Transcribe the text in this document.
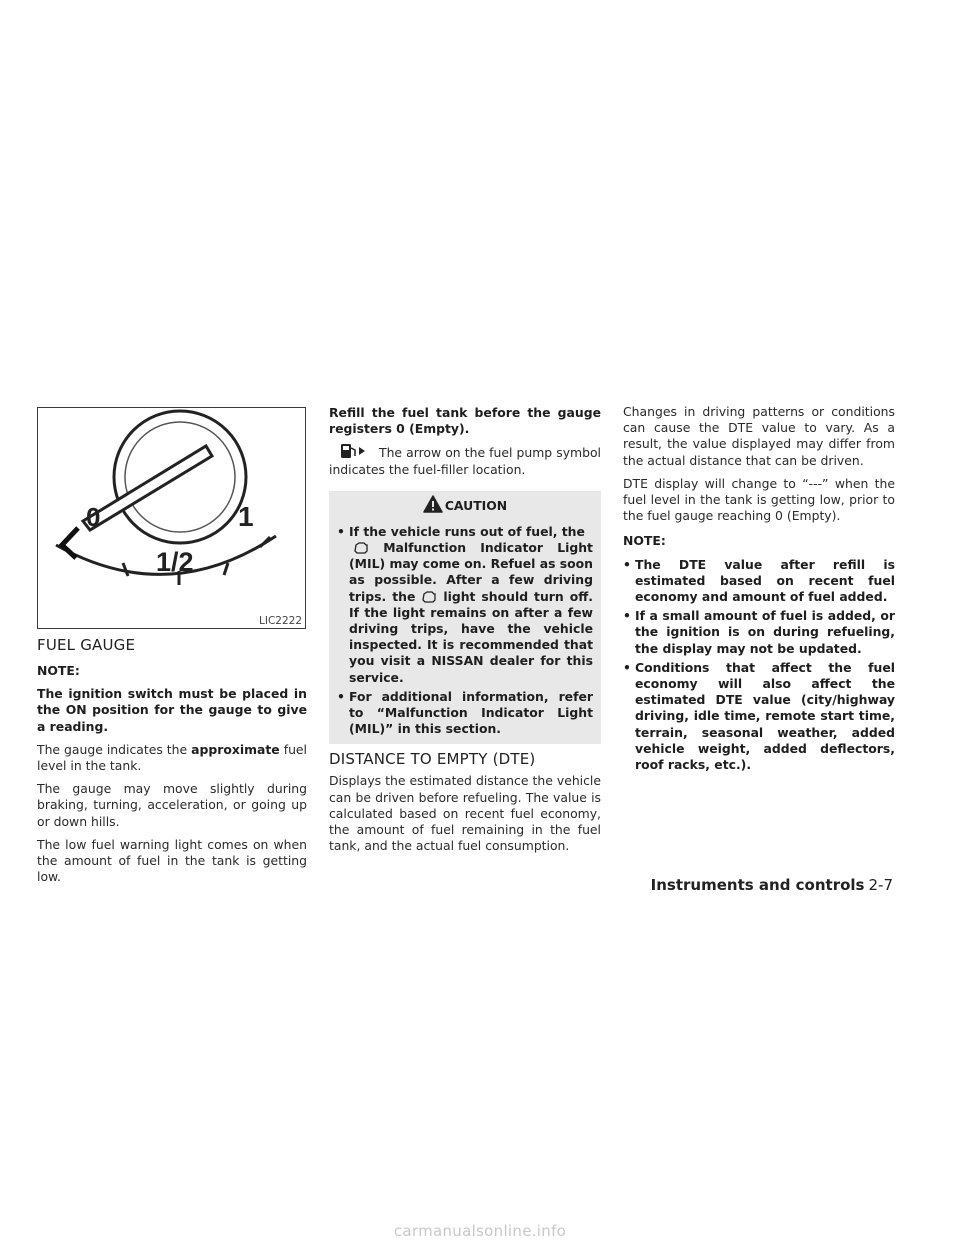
0	1
1/2
LIC2222
FUEL GAUGE

NOTE:

The ignition switch must be placed in the ON position for the gauge to give a reading.

The gauge indicates the approximate fuel level in the tank.

The gauge may move slightly during braking, turning, acceleration, or going up or down hills.

The low fuel warning light comes on when the amount of fuel in the tank is getting low.

Refill the fuel tank before the gauge registers 0 (Empty).

The arrow on the fuel pump symbol indicates the fuel-filler location.

CAUTION
• If the vehicle runs out of fuel, the
Malfunction Indicator Light (MIL) may come on. Refuel as soon as possible. After a few driving trips. the light should turn off. If the light remains on after a few driving trips, have the vehicle inspected. It is recommended that you visit a NISSAN dealer for this service.
• For additional information, refer to “Malfunction Indicator Light (MIL)” in this section.
DISTANCE TO EMPTY (DTE)

Displays the estimated distance the vehicle can be driven before refueling. The value is calculated based on recent fuel economy, the amount of fuel remaining in the fuel tank, and the actual fuel consumption.

Changes in driving patterns or conditions can cause the DTE value to vary. As a result, the value displayed may differ from the actual distance that can be driven.

DTE display will change to “---” when the fuel level in the tank is getting low, prior to the fuel gauge reaching 0 (Empty).

NOTE:

• The DTE value after refill is estimated based on recent fuel economy and amount of fuel added.
• If a small amount of fuel is added, or the ignition is on during refueling, the display may not be updated.
• Conditions that affect the fuel economy will also affect the estimated DTE value (city/highway driving, idle time, remote start time, terrain, seasonal weather, added vehicle weight, added deflectors, roof racks, etc.).
Instruments and controls 2-7
carmanualsonline.info
